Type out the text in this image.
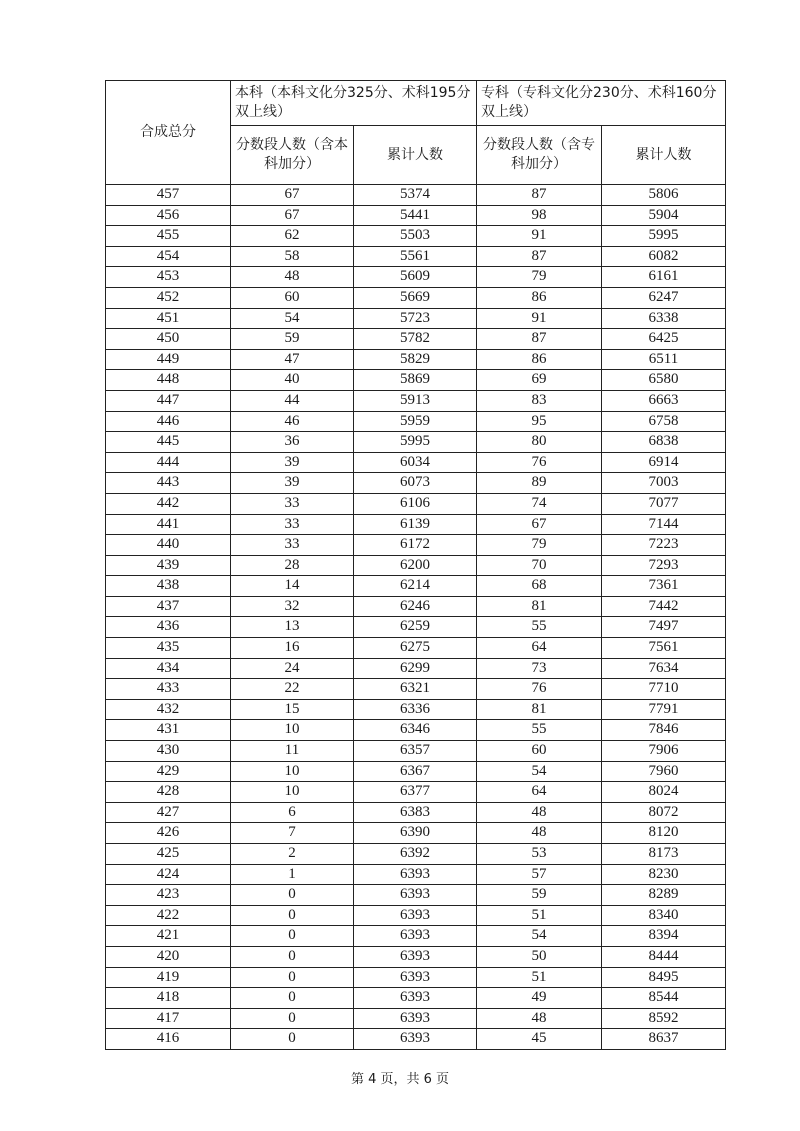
合成总分	本科（本科文化分325分、术科195分双上线）		专科（专科文化分230分、术科160分双上线）	
	分数段人数（含本科加分）	累计人数	分数段人数（含专科加分）	累计人数
457	67	5374	87	5806
456	67	5441	98	5904
455	62	5503	91	5995
454	58	5561	87	6082
453	48	5609	79	6161
452	60	5669	86	6247
451	54	5723	91	6338
450	59	5782	87	6425
449	47	5829	86	6511
448	40	5869	69	6580
447	44	5913	83	6663
446	46	5959	95	6758
445	36	5995	80	6838
444	39	6034	76	6914
443	39	6073	89	7003
442	33	6106	74	7077
441	33	6139	67	7144
440	33	6172	79	7223
439	28	6200	70	7293
438	14	6214	68	7361
437	32	6246	81	7442
436	13	6259	55	7497
435	16	6275	64	7561
434	24	6299	73	7634
433	22	6321	76	7710
432	15	6336	81	7791
431	10	6346	55	7846
430	11	6357	60	7906
429	10	6367	54	7960
428	10	6377	64	8024
427	6	6383	48	8072
426	7	6390	48	8120
425	2	6392	53	8173
424	1	6393	57	8230
423	0	6393	59	8289
422	0	6393	51	8340
421	0	6393	54	8394
420	0	6393	50	8444
419	0	6393	51	8495
418	0	6393	49	8544
417	0	6393	48	8592
416	0	6393	45	8637
第 4 页，共 6 页
